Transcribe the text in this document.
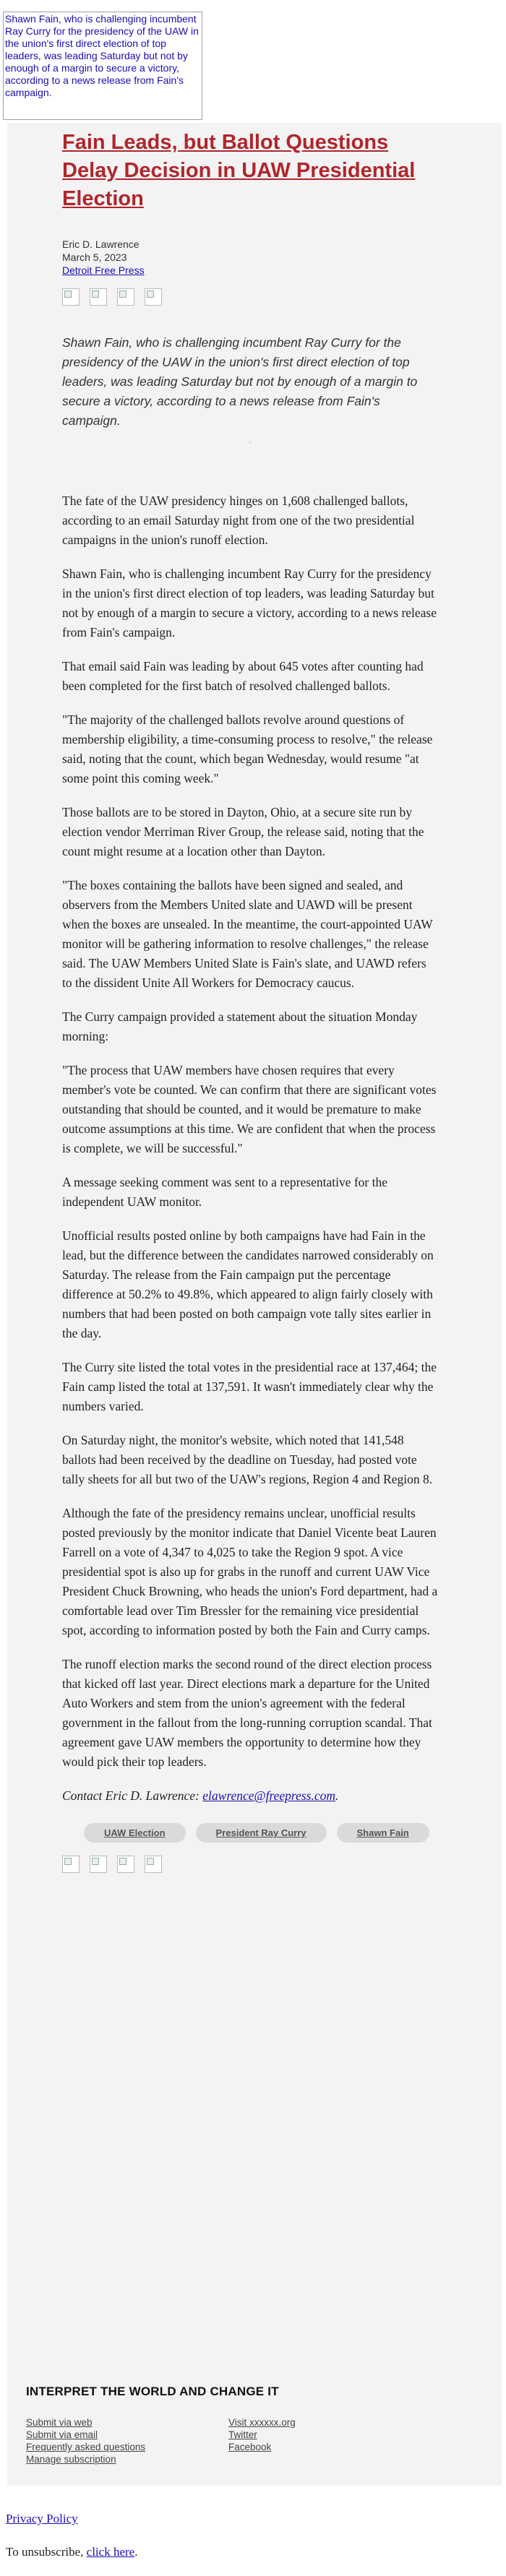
Shawn Fain, who is challenging incumbent Ray Curry for the presidency of the UAW in the union's first direct election of top leaders, was leading Saturday but not by enough of a margin to secure a victory, according to a news release from Fain's campaign.
Fain Leads, but Ballot Questions Delay Decision in UAW Presidential Election
Eric D. Lawrence
March 5, 2023
Detroit Free Press

Shawn Fain, who is challenging incumbent Ray Curry for the presidency of the UAW in the union's first direct election of top leaders, was leading Saturday but not by enough of a margin to secure a victory, according to a news release from Fain's campaign.

.

The fate of the UAW presidency hinges on 1,608 challenged ballots, according to an email Saturday night from one of the two presidential campaigns in the union's runoff election.

Shawn Fain, who is challenging incumbent Ray Curry for the presidency in the union's first direct election of top leaders, was leading Saturday but not by enough of a margin to secure a victory, according to a news release from Fain's campaign.

That email said Fain was leading by about 645 votes after counting had been completed for the first batch of resolved challenged ballots.

"The majority of the challenged ballots revolve around questions of membership eligibility, a time-consuming process to resolve," the release said, noting that the count, which began Wednesday, would resume "at some point this coming week."

Those ballots are to be stored in Dayton, Ohio, at a secure site run by election vendor Merriman River Group, the release said, noting that the count might resume at a location other than Dayton.

"The boxes containing the ballots have been signed and sealed, and observers from the Members United slate and UAWD will be present when the boxes are unsealed. In the meantime, the court-appointed UAW monitor will be gathering information to resolve challenges," the release said. The UAW Members United Slate is Fain's slate, and UAWD refers to the dissident Unite All Workers for Democracy caucus.

The Curry campaign provided a statement about the situation Monday morning:

"The process that UAW members have chosen requires that every member's vote be counted. We can confirm that there are significant votes outstanding that should be counted, and it would be premature to make outcome assumptions at this time. We are confident that when the process is complete, we will be successful."

A message seeking comment was sent to a representative for the independent UAW monitor.

Unofficial results posted online by both campaigns have had Fain in the lead, but the difference between the candidates narrowed considerably on Saturday. The release from the Fain campaign put the percentage difference at 50.2% to 49.8%, which appeared to align fairly closely with numbers that had been posted on both campaign vote tally sites earlier in the day.

The Curry site listed the total votes in the presidential race at 137,464; the Fain camp listed the total at 137,591. It wasn't immediately clear why the numbers varied.

On Saturday night, the monitor's website, which noted that 141,548 ballots had been received by the deadline on Tuesday, had posted vote tally sheets for all but two of the UAW's regions, Region 4 and Region 8.

Although the fate of the presidency remains unclear, unofficial results posted previously by the monitor indicate that Daniel Vicente beat Lauren Farrell on a vote of 4,347 to 4,025 to take the Region 9 spot. A vice presidential spot is also up for grabs in the runoff and current UAW Vice President Chuck Browning, who heads the union's Ford department, had a comfortable lead over Tim Bressler for the remaining vice presidential spot, according to information posted by both the Fain and Curry camps.

The runoff election marks the second round of the direct election process that kicked off last year. Direct elections mark a departure for the United Auto Workers and stem from the union's agreement with the federal government in the fallout from the long-running corruption scandal. That agreement gave UAW members the opportunity to determine how they would pick their top leaders.

Contact Eric D. Lawrence: elawrence@freepress.com.

UAW Election	President Ray Curry	Shawn Fain
INTERPRET THE WORLD AND CHANGE IT
Submit via web
Submit via email
Frequently asked questions
Manage subscription
Visit xxxxxx.org
Twitter
Facebook
Privacy Policy
To unsubscribe, click here.
